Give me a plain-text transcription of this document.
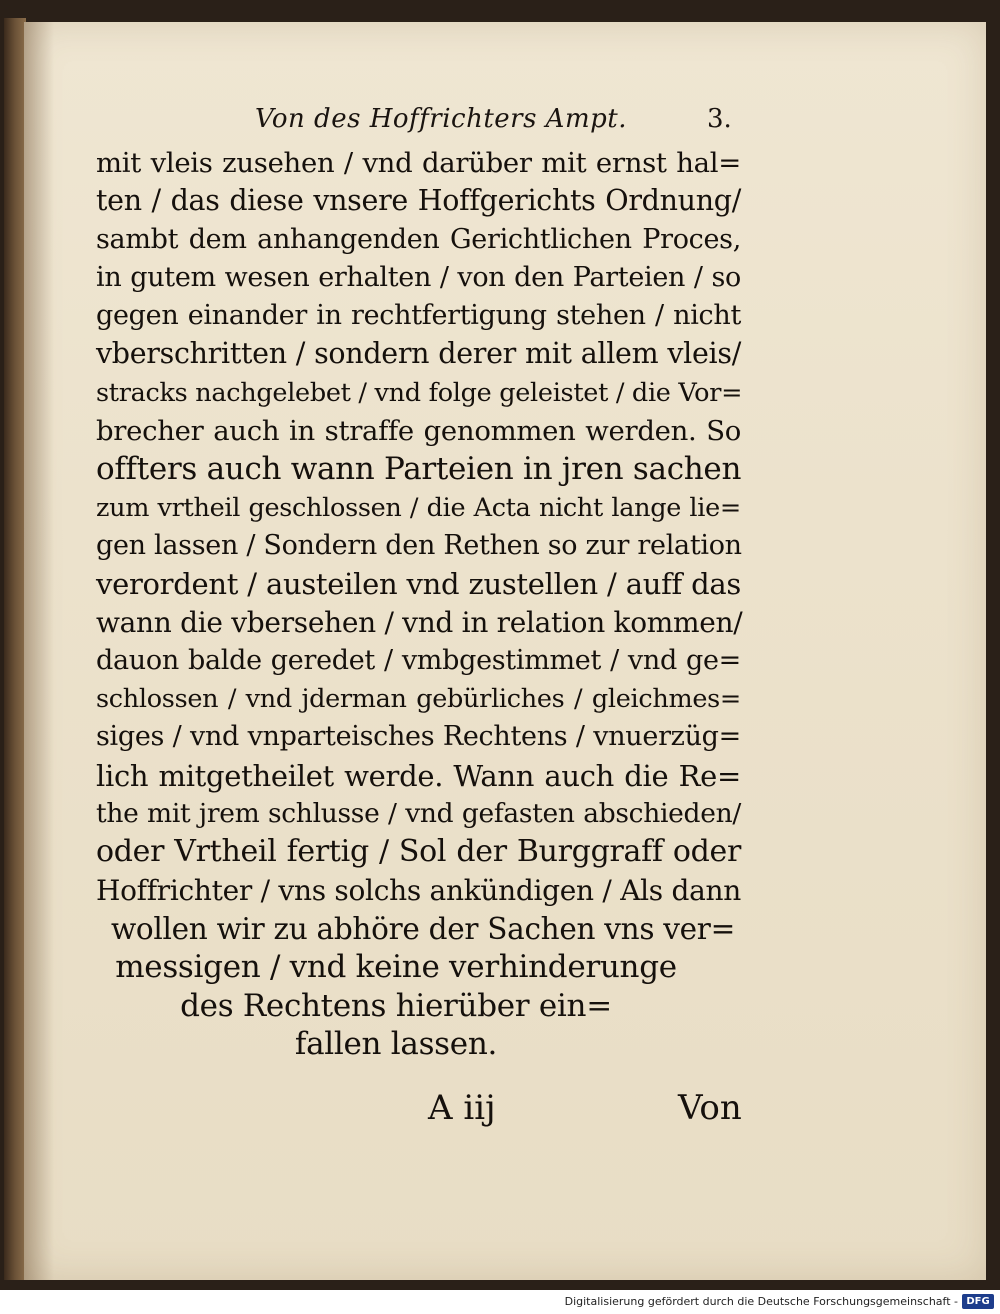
Von des Hoffrichters Ampt.	3.
mit vleis zusehen / vnd darüber mit ernst hal=
ten / das diese vnsere Hoffgerichts Ordnung/
sambt dem anhangenden Gerichtlichen Proces,
in gutem wesen erhalten / von den Parteien / so
gegen einander in rechtfertigung stehen / nicht
vberschritten / sondern derer mit allem vleis/
stracks nachgelebet / vnd folge geleistet / die Vor=
brecher auch in straffe genommen werden. So
offters auch wann Parteien in jren sachen
zum vrtheil geschlossen / die Acta nicht lange lie=
gen lassen / Sondern den Rethen so zur relation
verordent / austeilen vnd zustellen / auff das
wann die vbersehen / vnd in relation kommen/
dauon balde geredet / vmbgestimmet / vnd ge=
schlossen / vnd jderman gebürliches / gleichmes=
siges / vnd vnparteisches Rechtens / vnuerzüg=
lich mitgetheilet werde. Wann auch die Re=
the mit jrem schlusse / vnd gefasten abschieden/
oder Vrtheil fertig / Sol der Burggraff oder
Hoffrichter / vns solchs ankündigen / Als dann
wollen wir zu abhöre der Sachen vns ver=
messigen / vnd keine verhinderunge
des Rechtens hierüber ein=
fallen lassen.
A iij	Von
Digitalisierung gefördert durch die Deutsche Forschungsgemeinschaft - DFG
